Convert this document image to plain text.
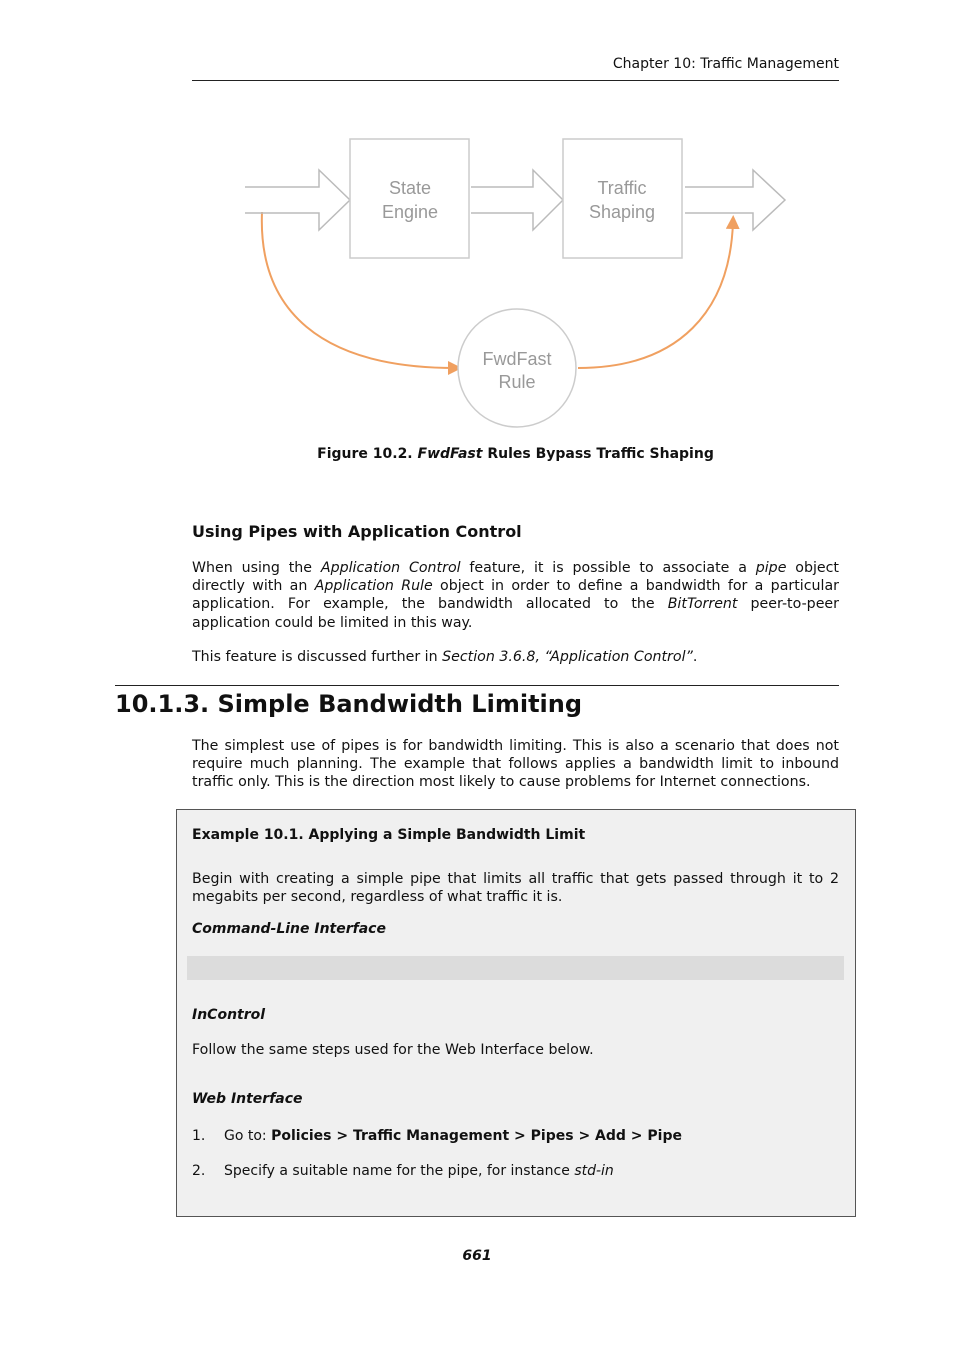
Chapter 10: Traffic Management
State
Engine
Traffic
Shaping
FwdFast
Rule
Figure 10.2. FwdFast Rules Bypass Traffic Shaping
Using Pipes with Application Control
When using the Application Control feature, it is possible to associate a pipe object directly with an Application Rule object in order to define a bandwidth for a particular application. For example, the bandwidth allocated to the BitTorrent peer-to-peer application could be limited in this way.
This feature is discussed further in Section 3.6.8, “Application Control”.
10.1.3. Simple Bandwidth Limiting
The simplest use of pipes is for bandwidth limiting. This is also a scenario that does not require much planning. The example that follows applies a bandwidth limit to inbound traffic only. This is the direction most likely to cause problems for Internet connections.
Example 10.1. Applying a Simple Bandwidth Limit
Begin with creating a simple pipe that limits all traffic that gets passed through it to 2 megabits per second, regardless of what traffic it is.
Command-Line Interface
InControl
Follow the same steps used for the Web Interface below.
Web Interface
1. Go to: Policies > Traffic Management > Pipes > Add > Pipe
2. Specify a suitable name for the pipe, for instance std-in
661
